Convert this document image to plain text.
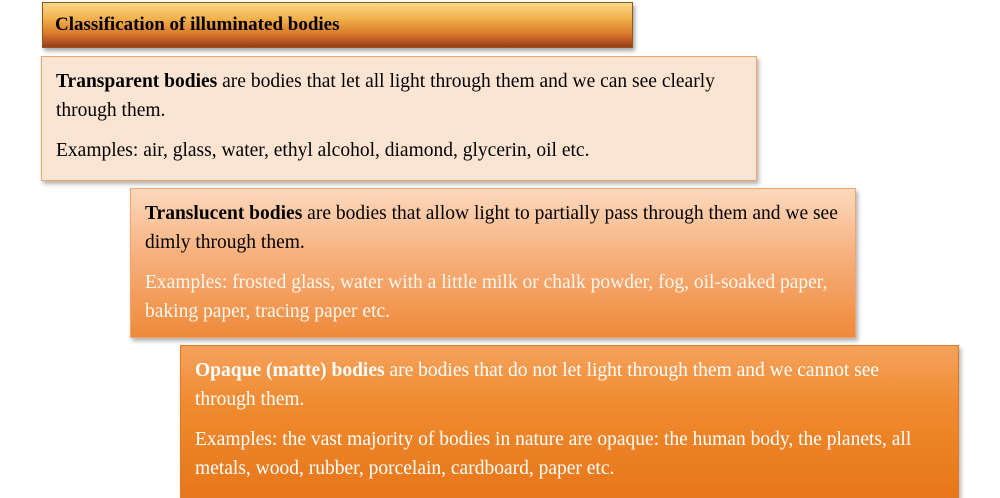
Classification of illuminated bodies

Transparent bodies are bodies that let all light through them and we can see clearly through them.

Examples: air, glass, water, ethyl alcohol, diamond, glycerin, oil etc.

Translucent bodies are bodies that allow light to partially pass through them and we see dimly through them.

Examples: frosted glass, water with a little milk or chalk powder, fog, oil-soaked paper, baking paper, tracing paper etc.

Opaque (matte) bodies are bodies that do not let light through them and we cannot see through them.

Examples: the vast majority of bodies in nature are opaque: the human body, the planets, all metals, wood, rubber, porcelain, cardboard, paper etc.
